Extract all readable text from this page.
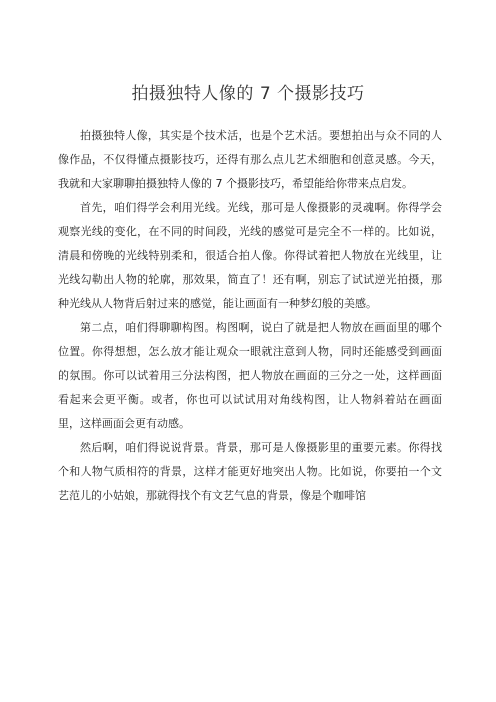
拍摄独特人像的 7 个摄影技巧

拍摄独特人像，其实是个技术活，也是个艺术活。要想拍出与众不同的人像作品，不仅得懂点摄影技巧，还得有那么点儿艺术细胞和创意灵感。今天，我就和大家聊聊拍摄独特人像的 7 个摄影技巧，希望能给你带来点启发。

首先，咱们得学会利用光线。光线，那可是人像摄影的灵魂啊。你得学会观察光线的变化，在不同的时间段，光线的感觉可是完全不一样的。比如说，清晨和傍晚的光线特别柔和，很适合拍人像。你得试着把人物放在光线里，让光线勾勒出人物的轮廓，那效果，简直了！还有啊，别忘了试试逆光拍摄，那种光线从人物背后射过来的感觉，能让画面有一种梦幻般的美感。

第二点，咱们得聊聊构图。构图啊，说白了就是把人物放在画面里的哪个位置。你得想想，怎么放才能让观众一眼就注意到人物，同时还能感受到画面的氛围。你可以试着用三分法构图，把人物放在画面的三分之一处，这样画面看起来会更平衡。或者，你也可以试试用对角线构图，让人物斜着站在画面里，这样画面会更有动感。

然后啊，咱们得说说背景。背景，那可是人像摄影里的重要元素。你得找个和人物气质相符的背景，这样才能更好地突出人物。比如说，你要拍一个文艺范儿的小姑娘，那就得找个有文艺气息的背景，像是个咖啡馆
